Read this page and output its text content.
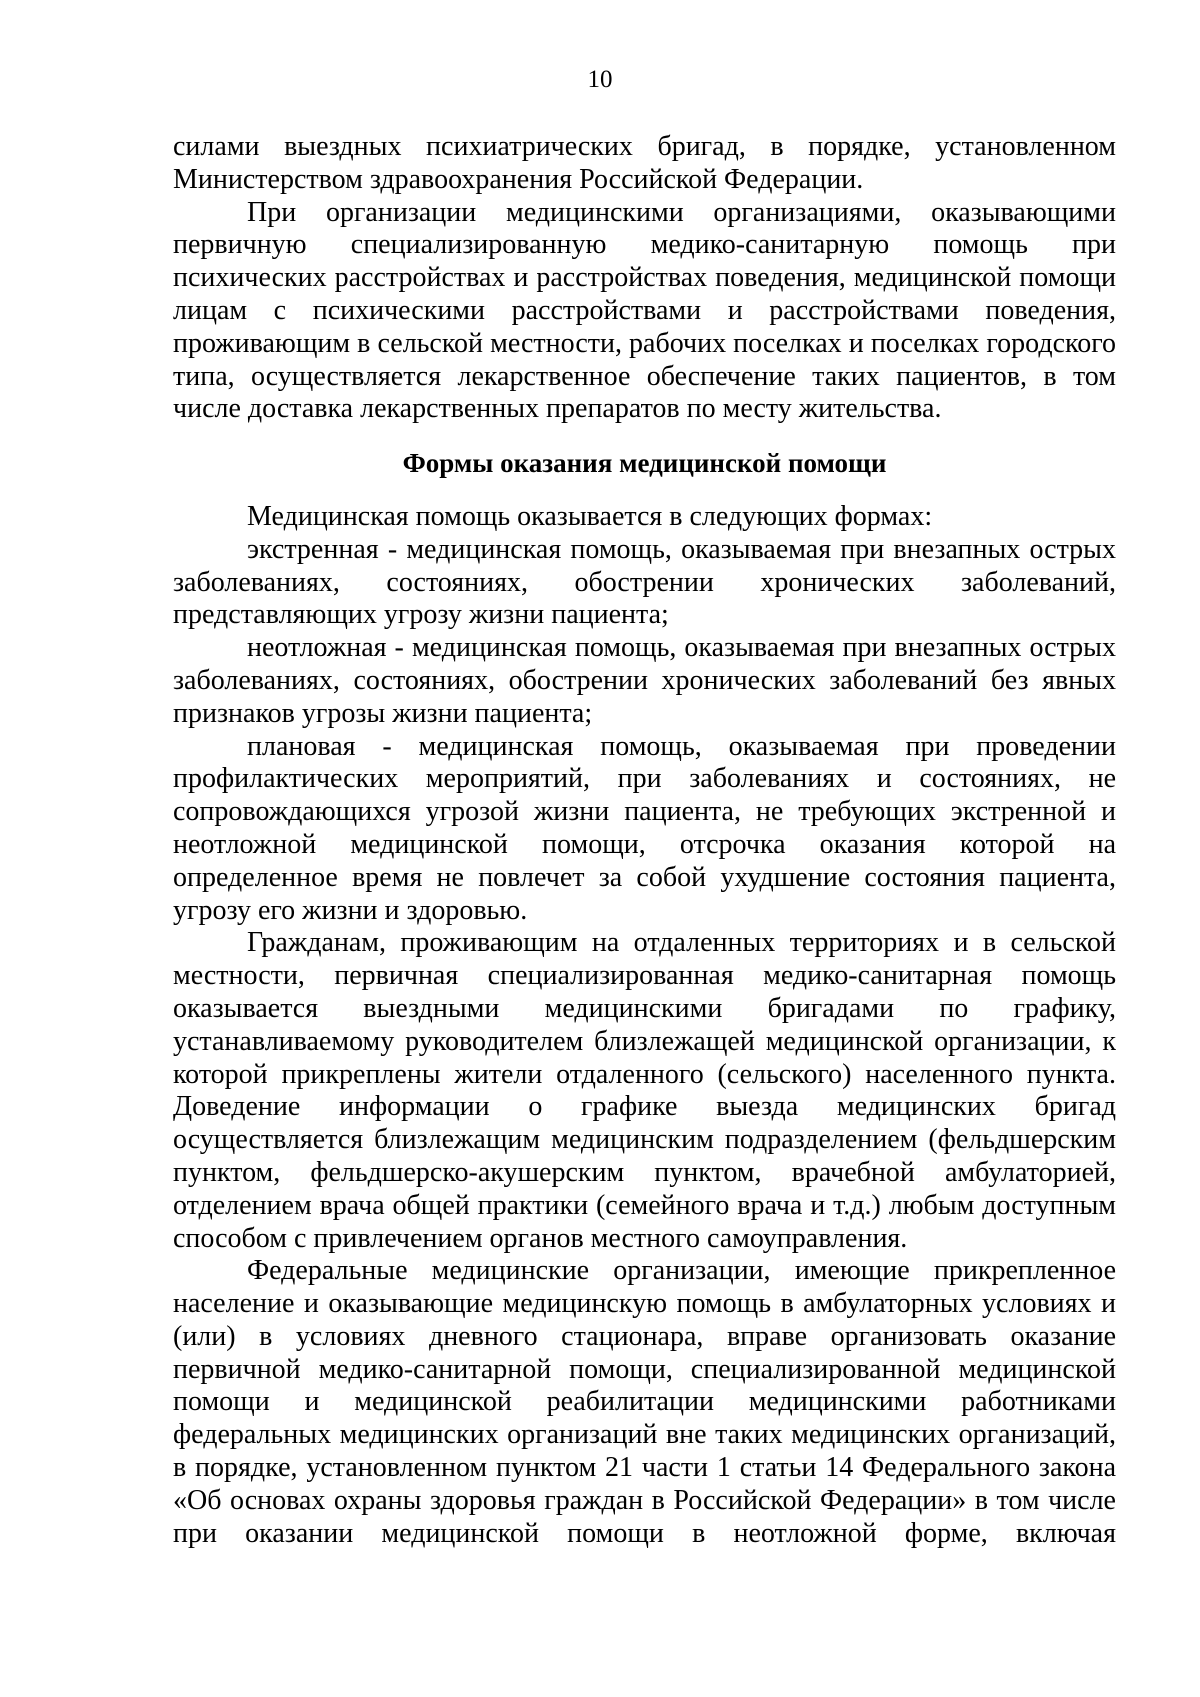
10
силами выездных психиатрических бригад, в порядке, установленном
Министерством здравоохранения Российской Федерации.
При организации медицинскими организациями, оказывающими
первичную специализированную медико-санитарную помощь при
психических расстройствах и расстройствах поведения, медицинской помощи
лицам с психическими расстройствами и расстройствами поведения,
проживающим в сельской местности, рабочих поселках и поселках городского
типа, осуществляется лекарственное обеспечение таких пациентов, в том
числе доставка лекарственных препаратов по месту жительства.
Формы оказания медицинской помощи
Медицинская помощь оказывается в следующих формах:
экстренная - медицинская помощь, оказываемая при внезапных острых
заболеваниях, состояниях, обострении хронических заболеваний,
представляющих угрозу жизни пациента;
неотложная - медицинская помощь, оказываемая при внезапных острых
заболеваниях, состояниях, обострении хронических заболеваний без явных
признаков угрозы жизни пациента;
плановая - медицинская помощь, оказываемая при проведении
профилактических мероприятий, при заболеваниях и состояниях, не
сопровождающихся угрозой жизни пациента, не требующих экстренной и
неотложной медицинской помощи, отсрочка оказания которой на
определенное время не повлечет за собой ухудшение состояния пациента,
угрозу его жизни и здоровью.
Гражданам, проживающим на отдаленных территориях и в сельской
местности, первичная специализированная медико-санитарная помощь
оказывается выездными медицинскими бригадами по графику,
устанавливаемому руководителем близлежащей медицинской организации, к
которой прикреплены жители отдаленного (сельского) населенного пункта.
Доведение информации о графике выезда медицинских бригад
осуществляется близлежащим медицинским подразделением (фельдшерским
пунктом, фельдшерско-акушерским пунктом, врачебной амбулаторией,
отделением врача общей практики (семейного врача и т.д.) любым доступным
способом с привлечением органов местного самоуправления.
Федеральные медицинские организации, имеющие прикрепленное
население и оказывающие медицинскую помощь в амбулаторных условиях и
(или) в условиях дневного стационара, вправе организовать оказание
первичной медико-санитарной помощи, специализированной медицинской
помощи и медицинской реабилитации медицинскими работниками
федеральных медицинских организаций вне таких медицинских организаций,
в порядке, установленном пунктом 21 части 1 статьи 14 Федерального закона
«Об основах охраны здоровья граждан в Российской Федерации» в том числе
при оказании медицинской помощи в неотложной форме, включая
